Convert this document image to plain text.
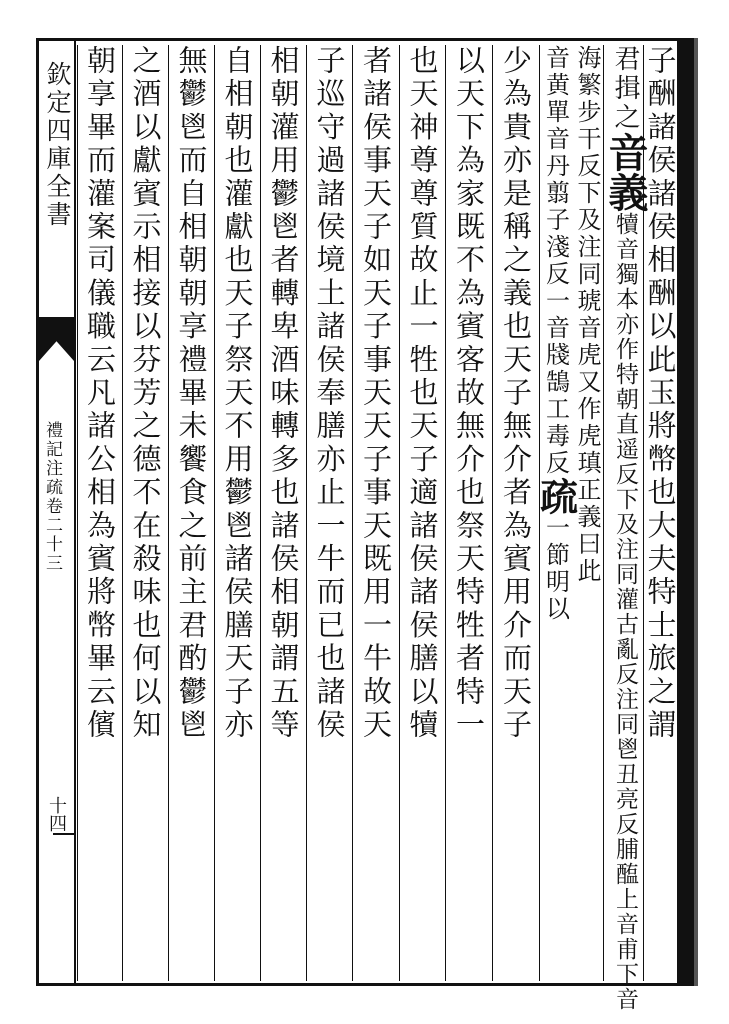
欽定四庫全書
禮記注疏卷二十三
十四
朝享畢而灌案司儀職云凡諸公相為賓將幣畢云儐 之酒以獻賓示相接以芬芳之德不在殺味也何以知 無鬱鬯而自相朝朝享禮畢未饗食之前主君酌鬱鬯 自相朝也灌獻也天子祭天不用鬱鬯諸侯膳天子亦 相朝灌用鬱鬯者轉卑酒味轉多也諸侯相朝謂五等 子巡守過諸侯境土諸侯奉膳亦止一牛而已也諸侯 者諸侯事天子如天子事天天子事天既用一牛故天 也天神尊尊質故止一牲也天子適諸侯諸侯膳以犢 以天下為家既不為賓客故無介也祭天特牲者特一 少為貴亦是稱之義也天子無介者為賓用介而天子 音黄單音丹翦子淺反一音牋鵠工毒反
疏
一節明以
海繁步干反下及注同琥音虎又作虎瑱
正義曰此
君揖之
音義
犢音獨本亦作特朝直遥反下及注同灌
古亂反注同鬯丑亮反脯醢上音甫下音
子酬諸侯諸侯相酬以此玉將幣也大夫特士旅之謂
